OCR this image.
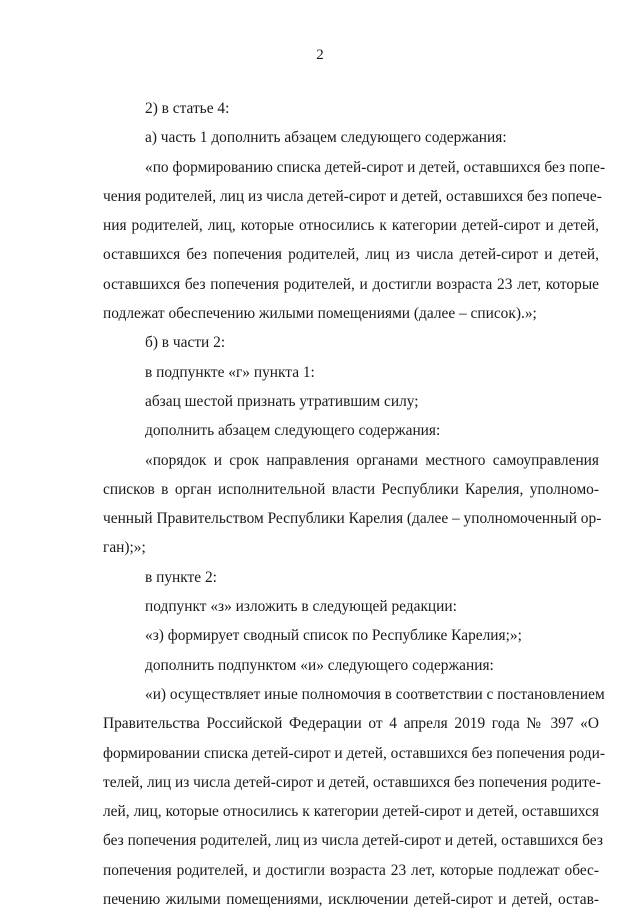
2
2) в статье 4:
а) часть 1 дополнить абзацем следующего содержания:
«по формированию списка детей-сирот и детей, оставшихся без попе-
чения родителей, лиц из числа детей-сирот и детей, оставшихся без попече-
ния родителей, лиц, которые относились к категории детей-сирот и детей,
оставшихся без попечения родителей, лиц из числа детей-сирот и детей,
оставшихся без попечения родителей, и достигли возраста 23 лет, которые
подлежат обеспечению жилыми помещениями (далее – список).»;
б) в части 2:
в подпункте «г» пункта 1:
абзац шестой признать утратившим силу;
дополнить абзацем следующего содержания:
«порядок и срок направления органами местного самоуправления
списков в орган исполнительной власти Республики Карелия, уполномо-
ченный Правительством Республики Карелия (далее – уполномоченный ор-
ган);»;
в пункте 2:
подпункт «з» изложить в следующей редакции:
«з) формирует сводный список по Республике Карелия;»;
дополнить подпунктом «и» следующего содержания:
«и) осуществляет иные полномочия в соответствии с постановлением
Правительства Российской Федерации от 4 апреля 2019 года № 397 «О
формировании списка детей-сирот и детей, оставшихся без попечения роди-
телей, лиц из числа детей-сирот и детей, оставшихся без попечения родите-
лей, лиц, которые относились к категории детей-сирот и детей, оставшихся
без попечения родителей, лиц из числа детей-сирот и детей, оставшихся без
попечения родителей, и достигли возраста 23 лет, которые подлежат обес-
печению жилыми помещениями, исключении детей-сирот и детей, остав-
